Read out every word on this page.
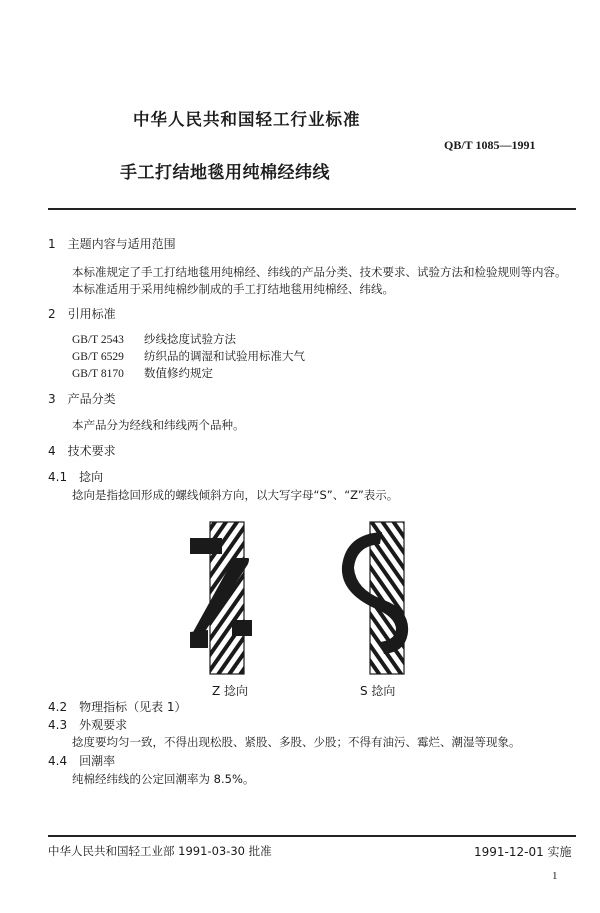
中华人民共和国轻工行业标准
QB/T 1085—1991
手工打结地毯用纯棉经纬线
1　主题内容与适用范围
本标准规定了手工打结地毯用纯棉经、纬线的产品分类、技术要求、试验方法和检验规则等内容。
本标准适用于采用纯棉纱制成的手工打结地毯用纯棉经、纬线。
2　引用标准
GB/T 2543 纱线捻度试验方法
GB/T 6529 纺织品的调湿和试验用标准大气
GB/T 8170 数值修约规定
3　产品分类
本产品分为经线和纬线两个品种。
4　技术要求
4.1　捻向
捻向是指捻回形成的螺线倾斜方向，以大写字母“S”、“Z”表示。
Z 捻向	S 捻向
4.2　物理指标（见表 1）
4.3　外观要求
捻度要均匀一致，不得出现松股、紧股、多股、少股；不得有油污、霉烂、潮湿等现象。
4.4　回潮率
纯棉经纬线的公定回潮率为 8.5%。
中华人民共和国轻工业部 1991-03-30 批准	1991-12-01 实施
1
